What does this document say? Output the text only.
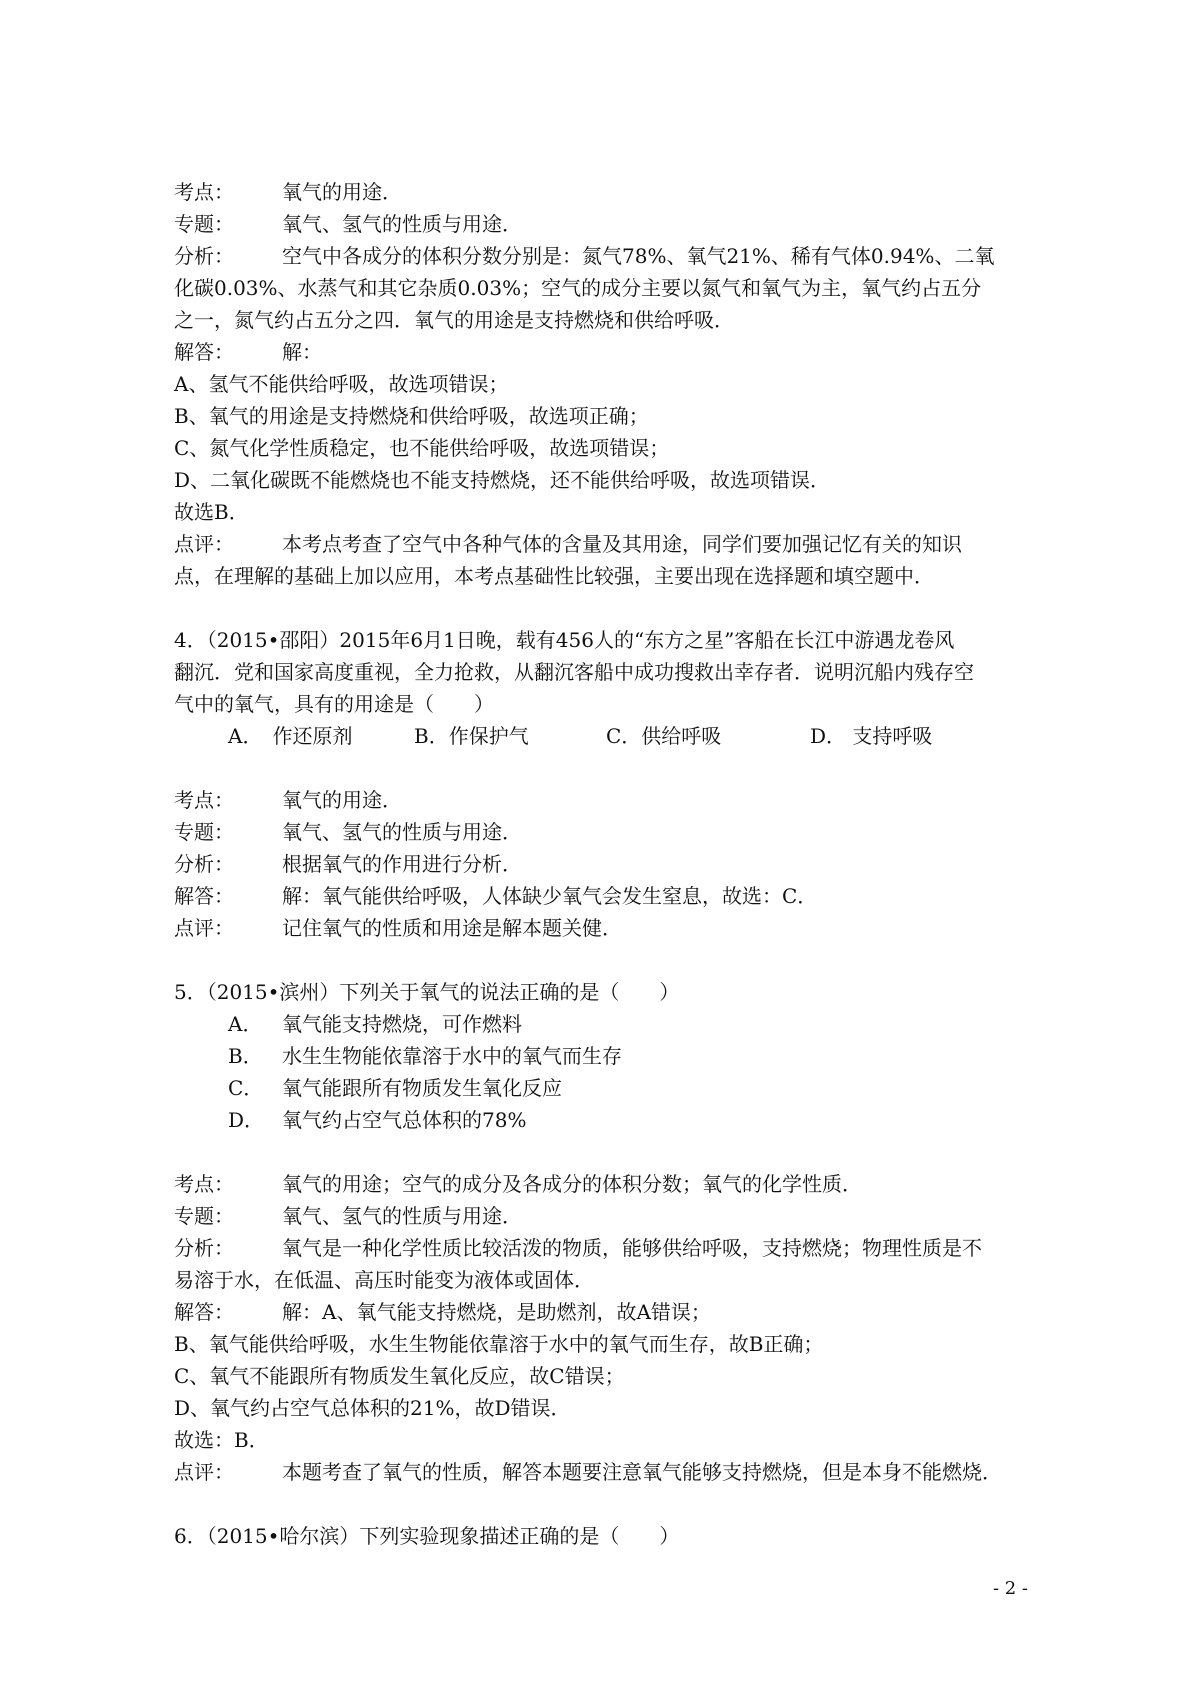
考点：	氧气的用途．
专题：	氧气、氢气的性质与用途．
分析：	空气中各成分的体积分数分别是：氮气78%、氧气21%、稀有气体0.94%、二氧
化碳0.03%、水蒸气和其它杂质0.03%；空气的成分主要以氮气和氧气为主，氧气约占五分
之一，氮气约占五分之四．氧气的用途是支持燃烧和供给呼吸．
解答：	解：
A、氢气不能供给呼吸，故选项错误；
B、氧气的用途是支持燃烧和供给呼吸，故选项正确；
C、氮气化学性质稳定，也不能供给呼吸，故选项错误；
D、二氧化碳既不能燃烧也不能支持燃烧，还不能供给呼吸，故选项错误．
故选B．
点评：	本考点考查了空气中各种气体的含量及其用途，同学们要加强记忆有关的知识
点，在理解的基础上加以应用，本考点基础性比较强，主要出现在选择题和填空题中．
4．（2015•邵阳）2015年6月1日晚，载有456人的“东方之星”客船在长江中游遇龙卷风
翻沉．党和国家高度重视，全力抢救，从翻沉客船中成功搜救出幸存者．说明沉船内残存空
气中的氧气，具有的用途是（　　）
A．　作还原剂	B．作保护气	C．供给呼吸	D． 支持呼吸
考点：	氧气的用途．
专题：	氧气、氢气的性质与用途．
分析：	根据氧气的作用进行分析．
解答：	解：氧气能供给呼吸，人体缺少氧气会发生窒息，故选：C．
点评：	记住氧气的性质和用途是解本题关健．
5．（2015•滨州）下列关于氧气的说法正确的是（　　）
A． 氧气能支持燃烧，可作燃料
B． 水生生物能依靠溶于水中的氧气而生存
C． 氧气能跟所有物质发生氧化反应
D． 氧气约占空气总体积的78%
考点：	氧气的用途；空气的成分及各成分的体积分数；氧气的化学性质．
专题：	氧气、氢气的性质与用途．
分析：	氧气是一种化学性质比较活泼的物质，能够供给呼吸，支持燃烧；物理性质是不
易溶于水，在低温、高压时能变为液体或固体．
解答：	解：A、氧气能支持燃烧，是助燃剂，故A错误；
B、氧气能供给呼吸，水生生物能依靠溶于水中的氧气而生存，故B正确；
C、氧气不能跟所有物质发生氧化反应，故C错误；
D、氧气约占空气总体积的21%，故D错误．
故选：B．
点评：	本题考查了氧气的性质，解答本题要注意氧气能够支持燃烧，但是本身不能燃烧．
6．（2015•哈尔滨）下列实验现象描述正确的是（　　）
- 2 -
